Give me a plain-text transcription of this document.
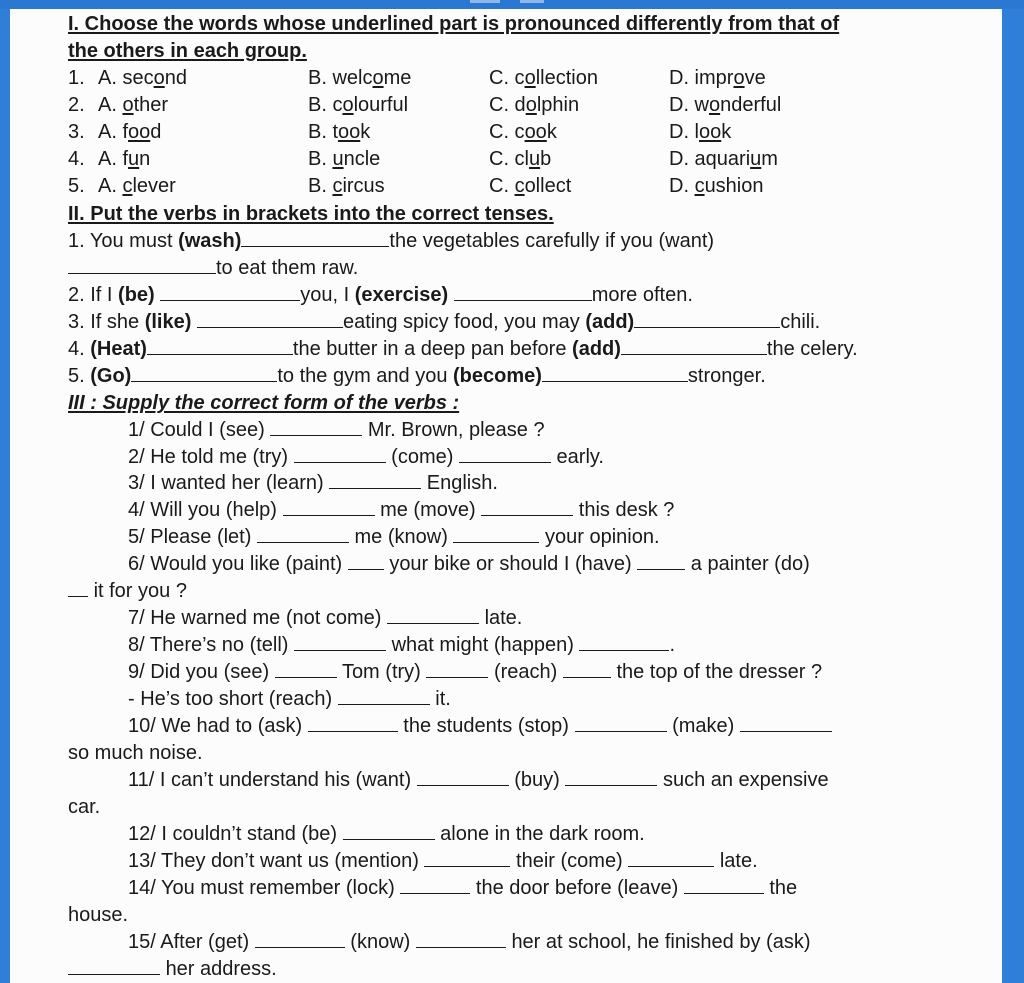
I. Choose the words whose underlined part is pronounced differently from that of
the others in each group.
1. A. second	B. welcome	C. collection	D. improve
2. A. other	B. colourful	C. dolphin	D. wonderful
3. A. food	B. took	C. cook	D. look
4. A. fun	B. uncle	C. club	D. aquarium
5. A. clever	B. circus	C. collect	D. cushion
II. Put the verbs in brackets into the correct tenses.
1. You must (wash)	the vegetables carefully if you (want)
to eat them raw.
2. If I (be)	you, I (exercise)	more often.
3. If she (like)	eating spicy food, you may (add)	chili.
4. (Heat)	the butter in a deep pan before (add)	the celery.
5. (Go)	to the gym and you (become)	stronger.
III : Supply the correct form of the verbs :
1/ Could I (see)	Mr. Brown, please ?
2/ He told me (try)	(come)	early.
3/ I wanted her (learn)	English.
4/ Will you (help)	me (move)	this desk ?
5/ Please (let)	me (know)	your opinion.
6/ Would you like (paint) your bike or should I (have)	a painter (do)
it for you ?
7/ He warned me (not come)	late.
8/ There’s no (tell)	what might (happen)	.
9/ Did you (see)	Tom (try)	(reach)	the top of the dresser ?
- He’s too short (reach)	it.
10/ We had to (ask)	the students (stop)	(make)
so much noise.
11/ I can’t understand his (want)	(buy)	such an expensive
car.
12/ I couldn’t stand (be)	alone in the dark room.
13/ They don’t want us (mention)	their (come)	late.
14/ You must remember (lock)	the door before (leave)	the
house.
15/ After (get)	(know)	her at school, he finished by (ask)
her address.
